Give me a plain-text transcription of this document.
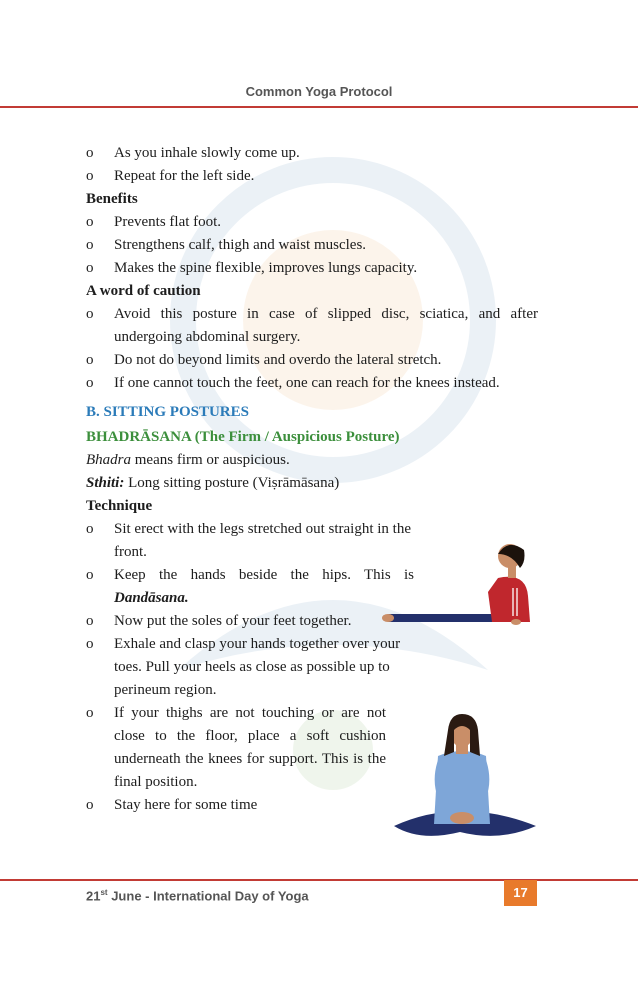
Common Yoga Protocol
o As you inhale slowly come up.
o Repeat for the left side.
Benefits
o Prevents flat foot.
o Strengthens calf, thigh and waist muscles.
o Makes the spine flexible, improves lungs capacity.
A word of caution
o Avoid this posture in case of slipped disc, sciatica, and after undergoing abdominal surgery.
o Do not do beyond limits and overdo the lateral stretch.
o If one cannot touch the feet, one can reach for the knees instead.
B. SITTING POSTURES
BHADRĀSANA (The Firm / Auspicious Posture)
Bhadra means firm or auspicious.
Sthiti: Long sitting posture (Viṣrāmāsana)
Technique
o Sit erect with the legs stretched out straight in the front.
o Keep the hands beside the hips. This is Dandāsana.
o Now put the soles of your feet together.
o Exhale and clasp your hands together over your toes. Pull your heels as close as possible up to perineum region.
o If your thighs are not touching or are not close to the floor, place a soft cushion underneath the knees for support. This is the final position.
o Stay here for some time
21st June - International Day of Yoga	17
